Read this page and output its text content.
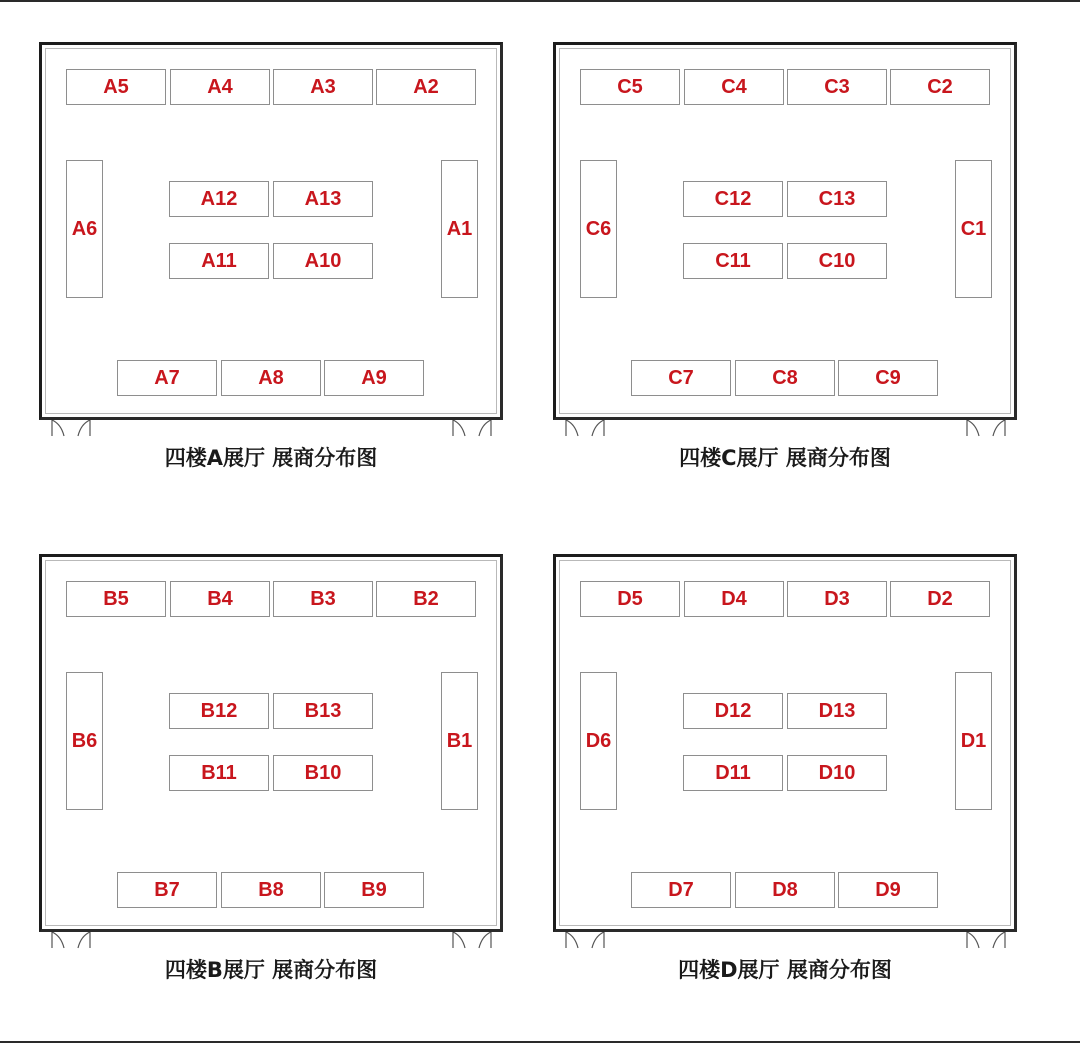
A5	A4	A3	A2
A6	A1
A12	A13
A11	A10
A7	A8	A9
四楼A展厅 展商分布图
C5	C4	C3	C2
C6	C1
C12	C13
C11	C10
C7	C8	C9
四楼C展厅 展商分布图
B5	B4	B3	B2
B6	B1
B12	B13
B11	B10
B7	B8	B9
四楼B展厅 展商分布图
D5	D4	D3	D2
D6	D1
D12	D13
D11	D10
D7	D8	D9
四楼D展厅 展商分布图
